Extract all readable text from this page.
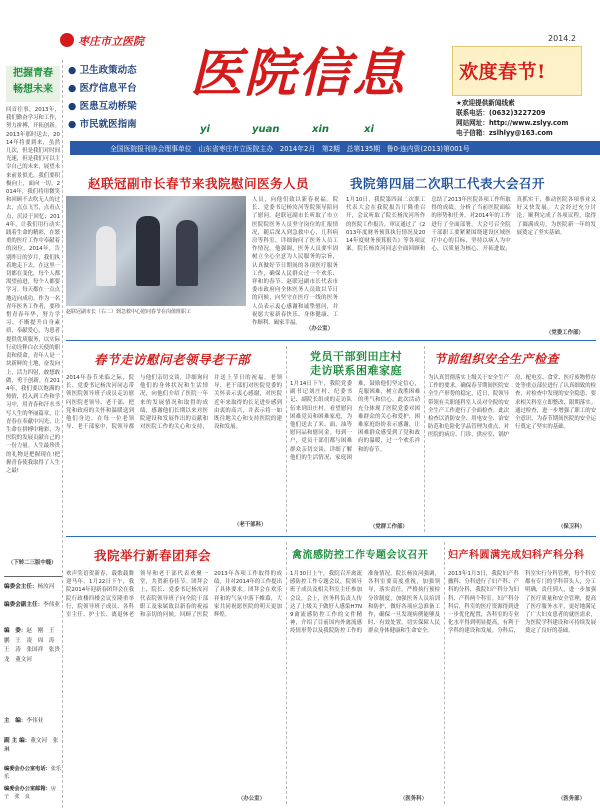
枣庄市立医院
● 卫生政策动态
● 医疗信息平台
● 医患互动桥梁
● 市民就医指南
医 院 信 息
yi	yuan	xin	xi
2014.2
欢度春节!
★欢迎提供新闻线索
联系电话：(0632)3227209
网站网址：http://www.zslyy.com
电子信箱：zslhlyy@163.com
全国医院报刊协会理事单位　山东省枣庄市立医院主办　2014年2月　第2期　总第135期　鲁0·连内资(2013)第001号
把握青春
畅想未来
回首往事，2013年，我们勤奋学习和工作，努力拼搏，开拓创新。2013年那时送去，2014年将要到来，虽然几次，但是我们对时间光速，但是我们可以主宰自己的未来，展望未来前景似光，我们要积极向上，面向一切。2014年，我们将用微笑和回顾不去吹无人的过去，点点飞雪，点看点点，沉浸于回忆；2014年，让我们用行动实践着生命的精彩，在繁重的医疗工作中奉献着的岗位。2014年，告别昨日的岁月，我们执着地走下去。在这里一切都在变化，每个人都渴望前进，每个人都要学习。每天都在一点点地迈向成功。作为一名青年医务工作者，要珍惜青春年华，努力学习，不断提升自身素质，奉献爱心，为患者提供优质服务，以实际行动诠释白衣天使的职责和使命。青年人是一块新鲜的土地，奋发向上，活力四射，敢想敢做，勇于创新。在2014年，我们要以饱满的热情，投入到工作和学习中，用青春和汗水书写人生的华丽篇章，让青春在奉献中闪光，让生命在拼搏中精彩，为医院的发展贡献自己的一份力量。人生最珍贵的礼物是把握现在!把握青春使我取得了人生之最!
（下转二三版中缝）
编委会主任：杨汝河
编委会副主任：李伟业
编　委：赵　刚　王　鹏　王　凌　周　涛　王　涛　张国祥　张贵龙　董文河
主　编：李伟业
副 主 编：董文河　张　琳
编委会办公室电话：张乐乐
编委会办公室邮箱：房　子　张　良
赵联冠副市长春节来我院慰问医务人员
赵联冠副市长（右二）到急救中心慰问春节在岗值班职工
人员，向他们致以新春祝福。院长、党委书记杨汝河等院领导陪同了慰问。赵联冠副市长听取了市立医院院医务人员坚守岗位的汇报情况，随后深入到急救中心、儿科病房等科室，详细询问了医务人员工作情况。他强调，医务人员要牢固树立全心全意为人民服务的宗旨，认真做好节日期间的各项医疗服务工作，确保人民群众过一个欢乐、祥和的春节。赵联冠副市长代表市委市政府向全体医务人员致以节日的问候，向坚守在医疗一线的医务人员表示衷心感谢和诚挚慰问，并祝愿大家新春快乐、身体健康、工作顺利、阖家幸福。
（办公室）
我院第四届二次职工代表大会召开
1月10日，我院第四届二次职工代表大会在我院报告厅隆重召开，会议听取了院长杨汝河所作的医院工作报告，审议通过了《2013年度财务预算执行情况及2014年度财务预算报告》等各项议案。院长杨汝河同志全面回顾和总结了2013年医院各项工作所取得的成绩，分析了当前医院面临的形势和任务，对2014年的工作进行了全面部署。大会号召全院干部职工要紧紧围绕建设区域医疗中心的目标，坚持以病人为中心，以质量为核心，开拓进取，真抓实干，推动医院各项事业又好又快发展。大会经过充分讨论，顺利完成了各项议程，取得了圆满成功，为医院新一年的发展奠定了坚实基础。
（党委工作部）
春节走访慰问老领导老干部
2014年春节来临之际，院长、党委书记杨汝河同志带领医院领导班子成员走访慰问医院老领导、老干部，把党和政府的关怀和温暖送到他们身边。在每一位老领导、老干部家中，院领导都与他们亲切交谈，详细询问他们的身体状况和生活情况，向他们介绍了医院一年来的发展情况和取得的成绩，感谢他们长期以来对医院建设和发展作出的贡献和对医院工作的关心和支持，并送上节日的祝福。老领导、老干部们对医院党委的关怀表示衷心感谢，对医院近年来取得的长足进步感到由衷的高兴，并表示将一如既往地关心和支持医院的建设和发展。
（老干部科）
党员干部到田庄村
走访联系困难家庭
1月14日下午，我院党委副书记刘庄村、纪委书记、副院长组成的走访队伍来到田庄村，看望慰问困难党员和困难家庭，为他们送去了米、面、油等慰问品和慰问金。每到一户，党员干部们都与困难群众亲切交谈，详细了解他们的生活情况、家庭困难，鼓励他们坚定信心，克服困难，树立战胜困难的勇气和信心。此次活动充分体现了医院党委对困难群众的关心和爱护，困难家庭纷纷表示感谢，让困难群众感受到了党和政府的温暖，过一个欢乐祥和的春节。
（党群工作部）
节前组织安全生产检查
为认真贯彻落实上级关于安全生产工作的要求，确保春节期间医院安全生产形势的稳定，近日，院领导带领有关职能科室人员对全院的安全生产工作进行了全面检查。此次检查以消防安全、用电安全、治安防范和危险化学品管理为重点，对医院的病房、门诊、供应室、锅炉房、配电室、食堂、医疗废物暂存处等重点部位进行了认真细致的检查，对检查中发现的安全隐患，要求相关科室立即整改，限期落实。通过检查，进一步增强了职工的安全意识，为春节期间医院的安全运行奠定了坚实的基础。
（保卫科）
我院举行新春团拜会
欢声笑语贺新春，载歌载舞迎马年。1月22日下午，我院2014年迎新春团拜会在我院行政楼四楼会议室隆重举行，院领导班子成员、各科室主任、护士长、离退休老领导和老干部代表欢聚一堂，共贺新春佳节。团拜会上，院长、党委书记杨汝河代表院领导班子向全院干部职工及家属致以新春的祝福和亲切的问候，回顾了医院2013年各项工作取得的成绩，并对2014年的工作提出了具体要求。团拜会在欢乐祥和的气氛中落下帷幕，大家共同祝愿医院的明天更加辉煌。
（办公室）
禽流感防控工作专题会议召开
1月30日上午，我院召开禽流感防控工作专题会议，院领导班子成员及相关科室主任参加会议。会上，医务科负责人传达了上级关于做好人感染H7N9禽流感防控工作的文件精神，介绍了目前国内外禽流感疫情形势以及我院防控工作的准备情况。院长杨汝河强调，各科室要高度重视，加强领导，落实责任，严格执行预检分诊制度，加强医务人员培训和防护，做好各项应急准备工作，确保一旦发现病例能够及时、有效处置，切实保障人民群众身体健康和生命安全。
（医务科）
妇产科圆满完成妇科产科分科
2013年1月3日，我院妇产科撤科、分科进行了妇产科、产科的分科，我院妇产科分为妇科、产科两个科室。妇产科分科后，科室的医疗资源得到进一步优化配置，各科室的专业化水平得到明显提高，有利于学科的建设和发展。分科后，科室实行分科管理，每个科室都有专门的学科带头人，分工明确，责任到人，进一步加强了医疗质量和安全管理，提高了医疗服务水平，更好地满足了广大妇女患者的就医需求，为医院学科建设和可持续发展奠定了良好的基础。
（医务部）
